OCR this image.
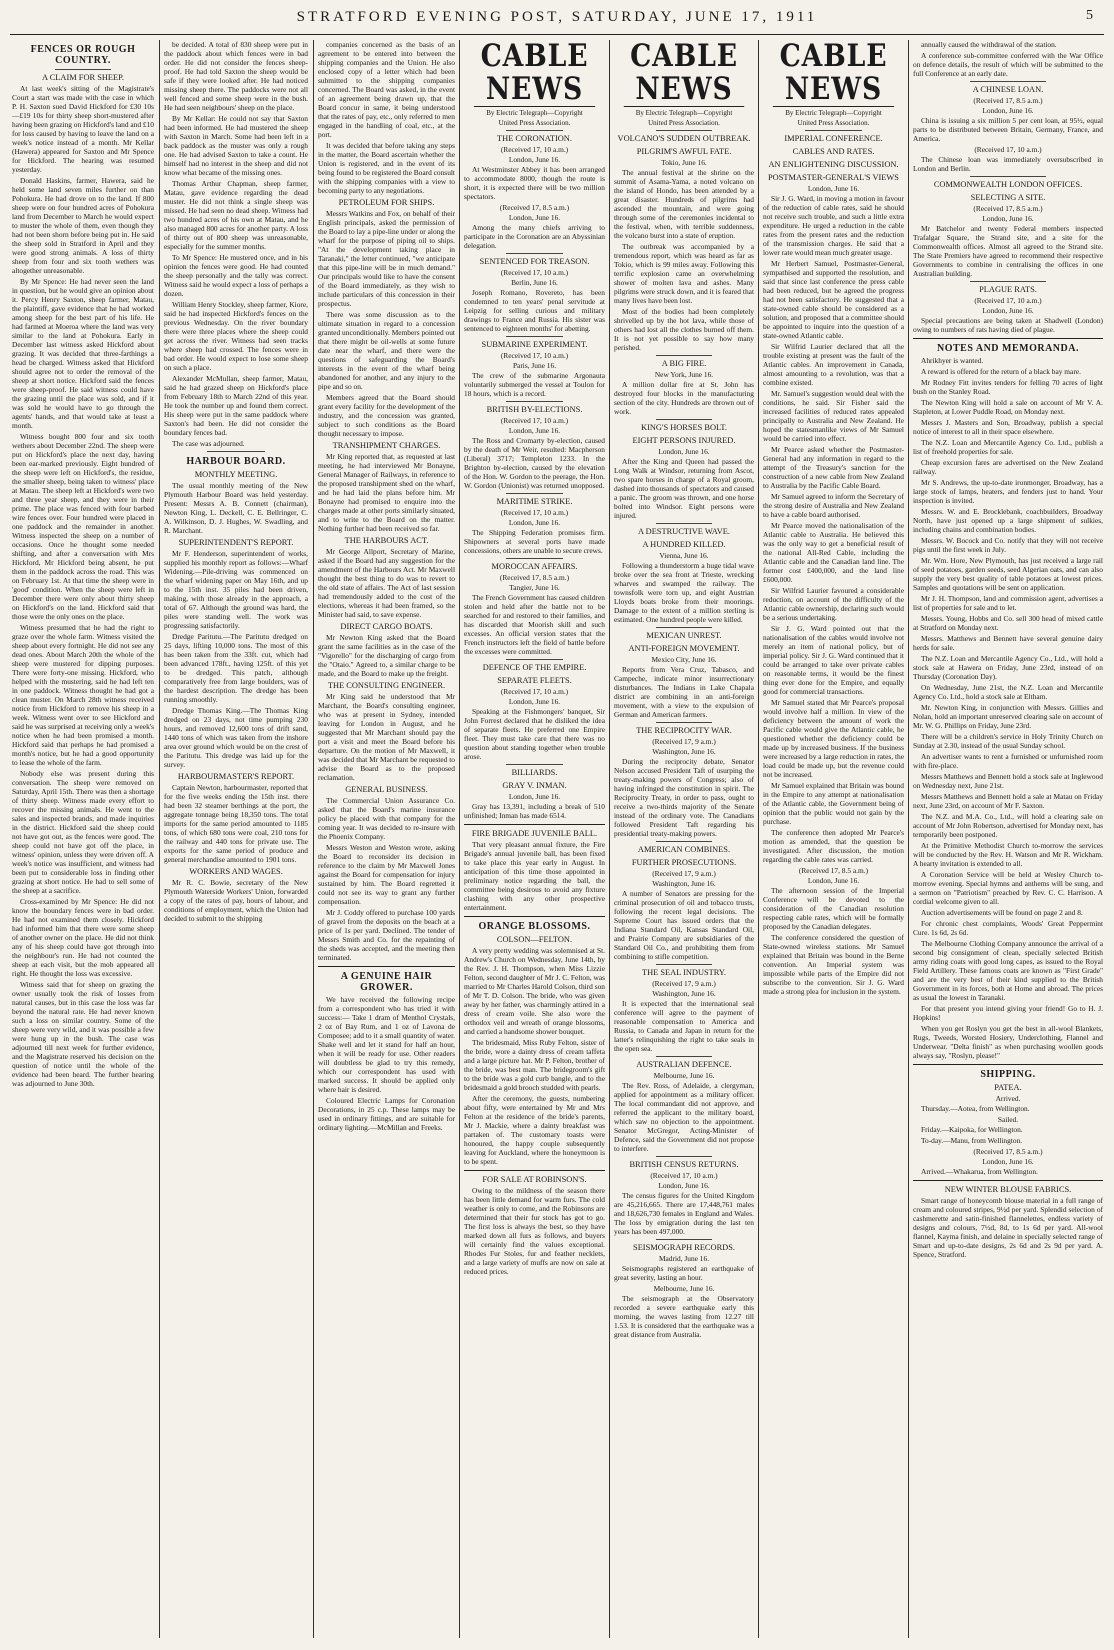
STRATFORD EVENING POST, SATURDAY, JUNE 17, 1911	5
FENCES OR ROUGH COUNTRY.
A CLAIM FOR SHEEP.

At last week's sitting of the Magistrate's Court a start was made with the case in which P. H. Saxton sued David Hickford for £30 10s—£19 10s for thirty sheep short-mustered after having been grazing on Hickford's land and £10 for loss caused by having to leave the land on a week's notice instead of a month. Mr Kellar (Hawera) appeared for Saxton and Mr Spence for Hickford. The hearing was resumed yesterday.

Donald Haskins, farmer, Hawera, said he held some land seven miles further on than Pohokura. He had drove on to the land. If 800 sheep were on four hundred acres of Pohokura land from December to March he would expect to muster the whole of them, even though they had not been shorn before being put in. He said the sheep sold in Stratford in April and they were good strong animals. A loss of thirty sheep from four and six tooth wethers was altogether unreasonable.

By Mr Spence: He had never seen the land in question, but he would give an opinion about it. Percy Henry Saxton, sheep farmer, Matau, the plaintiff, gave evidence that he had worked among sheep for the best part of his life. He had farmed at Moeroa where the land was very similar to the land at Pohokura. Early in December last witness asked Hickford about grazing. It was decided that three-farthings a head be charged. Witness asked that Hickford should agree not to order the removal of the sheep at short notice. Hickford said the fences were sheep-proof. He said witness could have the grazing until the place was sold, and if it was sold he would have to go through the agents' hands, and that would take at least a month.

Witness bought 800 four and six tooth wethers about December 22nd. The sheep were put on Hickford's place the next day, having been ear-marked previously. Eight hundred of the sheep were left on Hickford's, the residue, the smaller sheep, being taken to witness' place at Matau. The sheep left at Hickford's were two and three year sheep, and they were in their prime. The place was fenced with four barbed wire fences over. Four hundred were placed in one paddock and the remainder in another. Witness inspected the sheep on a number of occasions. Once he thought some needed shifting, and after a conversation with Mrs Hickford, Mr Hickford being absent, he put them in the paddock across the road. This was on February 1st. At that time the sheep were in 'good' condition. When the sheep were left in December there were only about thirty sheep on Hickford's on the land. Hickford said that those were the only ones on the place.

Witness presumed that he had the right to graze over the whole farm. Witness visited the sheep about every fortnight. He did not see any dead ones. About March 20th the whole of the sheep were mustered for dipping purposes. There were forty-one missing. Hickford, who helped with the mustering, said he had left ten in one paddock. Witness thought he had got a clean muster. On March 28th witness received notice from Hickford to remove his sheep in a week. Witness went over to see Hickford and said he was surprised at receiving only a week's notice when he had been promised a month. Hickford said that perhaps he had promised a month's notice, but he had a good opportunity to lease the whole of the farm.

Nobody else was present during this conversation. The sheep were removed on Saturday, April 15th. There was then a shortage of thirty sheep. Witness made every effort to recover the missing animals. He went to the sales and inspected brands, and made inquiries in the district. Hickford said the sheep could not have got out, as the fences were good. The sheep could not have got off the place, in witness' opinion, unless they were driven off. A week's notice was insufficient, and witness had been put to considerable loss in finding other grazing at short notice. He had to sell some of the sheep at a sacrifice.

Cross-examined by Mr Spence: He did not know the boundary fences were in bad order. He had not examined them closely. Hickford had informed him that there were some sheep of another owner on the place. He did not think any of his sheep could have got through into the neighbour's run. He had not counted the sheep at each visit, but the mob appeared all right. He thought the loss was excessive.

Witness said that for sheep on grazing the owner usually took the risk of losses from natural causes, but in this case the loss was far beyond the natural rate. He had never known such a loss on similar country. Some of the sheep were very wild, and it was possible a few were hung up in the bush. The case was adjourned till next week for further evidence, and the Magistrate reserved his decision on the question of notice until the whole of the evidence had been heard. The further hearing was adjourned to June 30th.

be decided. A total of 830 sheep were put in the paddock about which fences were in bad order. He did not consider the fences sheep-proof. He had told Saxton the sheep would be safe if they were looked after. He had noticed missing sheep there. The paddocks were not all well fenced and some sheep were in the bush. He had seen neighbours' sheep on the place.

By Mr Kellar: He could not say that Saxton had been informed. He had mustered the sheep with Saxton in March. Some had been left in a back paddock as the muster was only a rough one. He had advised Saxton to take a count. He himself had no interest in the sheep and did not know what became of the missing ones.

Thomas Arthur Chapman, sheep farmer, Matau, gave evidence regarding the dead muster. He did not think a single sheep was missed. He had seen no dead sheep. Witness had two hundred acres of his own at Matau, and he also managed 800 acres for another party. A loss of thirty out of 800 sheep was unreasonable, especially for the summer months.

To Mr Spence: He mustered once, and in his opinion the fences were good. He had counted the sheep personally and the tally was correct. Witness said he would expect a loss of perhaps a dozen.

William Henry Stockley, sheep farmer, Kiore, said he had inspected Hickford's fences on the previous Wednesday. On the river boundary there were three places where the sheep could get across the river. Witness had seen tracks where sheep had crossed. The fences were in bad order. He would expect to lose some sheep on such a place.

Alexander McMullan, sheep farmer, Matau, said he had grazed sheep on Hickford's place from February 18th to March 22nd of this year. He took the number up and found them correct. His sheep were put in the same paddock where Saxton's had been. He did not consider the boundary fences bad.

The case was adjourned.

HARBOUR BOARD.
MONTHLY MEETING.

The usual monthly meeting of the New Plymouth Harbour Board was held yesterday. Present: Messrs A. B. Connett (chairman), Newton King, L. Deckell, C. E. Bellringer, C. A. Wilkinson, D. J. Hughes, W. Swadling, and R. Marchant.

SUPERINTENDENT'S REPORT.

Mr F. Henderson, superintendent of works, supplied his monthly report as follows:—Wharf Widening.—Pile-driving was commenced on the wharf widening paper on May 16th, and up to the 15th inst. 35 piles had been driven, making, with those already in the approach, a total of 67. Although the ground was hard, the piles were standing well. The work was progressing satisfactorily.

Dredge Paritutu.—The Paritutu dredged on 25 days, lifting 10,000 tons. The most of this has been taken from the 33ft. cut, which had been advanced 178ft., having 125ft. of this yet to be dredged. This patch, although comparatively free from large boulders, was of the hardest description. The dredge has been running smoothly.

Dredge Thomas King.—The Thomas King dredged on 23 days, not time pumping 230 hours, and removed 12,600 tons of drift sand, 1440 tons of which was taken from the inshore area over ground which would be on the crest of the Paritutu. This dredge was laid up for the survey.

HARBOURMASTER'S REPORT.

Captain Newton, harbourmaster, reported that for the five weeks ending the 15th inst. there had been 32 steamer berthings at the port, the aggregate tonnage being 18,350 tons. The total imports for the same period amounted to 1185 tons, of which 680 tons were coal, 210 tons for the railway and 440 tons for private use. The exports for the same period of produce and general merchandise amounted to 1901 tons.

WORKERS AND WAGES.

Mr R. C. Bowie, secretary of the New Plymouth Waterside Workers' Union, forwarded a copy of the rates of pay, hours of labour, and conditions of employment, which the Union had decided to submit to the shipping

companies concerned as the basis of an agreement to be entered into between the shipping companies and the Union. He also enclosed copy of a letter which had been submitted to the shipping companies concerned. The Board was asked, in the event of an agreement being drawn up, that the Board concur in same, it being understood that the rates of pay, etc., only referred to men engaged in the handling of coal, etc., at the port.

It was decided that before taking any steps in the matter, the Board ascertain whether the Union is registered, and in the event of its being found to be registered the Board consult with the shipping companies with a view to becoming party to any negotiations.

PETROLEUM FOR SHIPS.

Messrs Watkins and Fox, on behalf of their English principals, asked the permission of the Board to lay a pipe-line under or along the wharf for the purpose of piping oil to ships. "At the development taking place in Taranaki," the letter continued, "we anticipate that this pipe-line will be in much demand." Our principals would like to have the consent of the Board immediately, as they wish to include particulars of this concession in their prospectus.

There was some discussion as to the ultimate situation in regard to a concession granted unconditionally. Members pointed out that there might be oil-wells at some future date near the wharf, and there were the questions of safeguarding the Board's interests in the event of the wharf being abandoned for another, and any injury to the pipe and so on.

Members agreed that the Board should grant every facility for the development of the industry, and the concession was granted, subject to such conditions as the Board thought necessary to impose.

TRANSHIPMENT CHARGES.

Mr King reported that, as requested at last meeting, he had interviewed Mr Bonayne, General Manager of Railways, in reference to the proposed transhipment shed on the wharf, and he had laid the plans before him. Mr Bonayne had promised to enquire into the charges made at other ports similarly situated, and to write to the Board on the matter. Nothing further had been received so far.

THE HARBOURS ACT.

Mr George Allport, Secretary of Marine, asked if the Board had any suggestion for the amendment of the Harbours Act. Mr Maxwell thought the best thing to do was to revert to the old state of affairs. The Act of last session had tremendously added to the cost of the elections, whereas it had been framed, so the Minister had said, to save expense.

DIRECT CARGO BOATS.

Mr Newton King asked that the Board grant the same facilities as in the case of the "Vigorello" for the discharging of cargo from the "Otaio." Agreed to, a similar charge to be made, and the Board to make up the freight.

THE CONSULTING ENGINEER.

Mr King said he understood that Mr Marchant, the Board's consulting engineer, who was at present in Sydney, intended leaving for London in August, and he suggested that Mr Marchant should pay the port a visit and meet the Board before his departure. On the motion of Mr Maxwell, it was decided that Mr Marchant be requested to advise the Board as to the proposed reclamation.

GENERAL BUSINESS.

The Commercial Union Assurance Co. asked that the Board's marine insurance policy be placed with that company for the coming year. It was decided to re-insure with the Phoenix Company.

Messrs Weston and Weston wrote, asking the Board to reconsider its decision in reference to the claim by Mr Maxwell Jones against the Board for compensation for injury sustained by him. The Board regretted it could not see its way to grant any further compensation.

Mr J. Coddy offered to purchase 100 yards of gravel from the deposits on the beach at a price of 1s per yard. Declined. The tender of Messrs Smith and Co. for the repainting of the sheds was accepted, and the meeting then terminated.

A GENUINE HAIR GROWER.

We have received the following recipe from a correspondent who has tried it with success:— Take 1 dram of Menthol Crystals, 2 oz of Bay Rum, and 1 oz of Lavona de Composee; add to it a small quantity of water. Shake well and let it stand for half an hour, when it will be ready for use. Other readers will doubtless be glad to try this remedy, which our correspondent has used with marked success. It should be applied only where hair is desired.

Coloured Electric Lamps for Coronation Decorations, in 25 c.p. These lamps may be used in ordinary fittings, and are suitable for ordinary lighting.—McMillan and Freeks.

CABLE NEWS
By Electric Telegraph—Copyright
United Press Association.
THE CORONATION.
(Received 17, 10 a.m.)
London, June 16.

At Westminster Abbey it has been arranged to accommodate 8000, though the route is short, it is expected there will be two million spectators.

(Received 17, 8.5 a.m.)
London, June 16.

Among the many chiefs arriving to participate in the Coronation are an Abyssinian delegation.

SENTENCED FOR TREASON.
(Received 17, 10 a.m.)
Berlin, June 16.

Joseph Romano, Rovereto, has been condemned to ten years' penal servitude at Leipzig for selling curious and military drawings to France and Russia. His sister was sentenced to eighteen months' for abetting.

SUBMARINE EXPERIMENT.
(Received 17, 10 a.m.)
Paris, June 16.

The crew of the submarine Argonauta voluntarily submerged the vessel at Toulon for 18 hours, which is a record.

BRITISH BY-ELECTIONS.
(Received 17, 10 a.m.)
London, June 16.

The Ross and Cromarty by-election, caused by the death of Mr Weir, resulted: Macpherson (Liberal) 3717; Templeton 1233. In the Brighton by-election, caused by the elevation of the Hon. W. Gordon to the peerage, the Hon. W. Gordon (Unionist) was returned unopposed.

MARITIME STRIKE.
(Received 17, 10 a.m.)
London, June 16.

The Shipping Federation promises firm. Shipowners at several ports have made concessions, others are unable to secure crews.

MOROCCAN AFFAIRS.
(Received 17, 8.5 a.m.)
Tangier, June 16.

The French Government has caused children stolen and held after the battle not to be searched for and restored to their families, and has discarded that Moorish skill and such excesses. An official version states that the French instructors left the field of battle before the excesses were committed.

DEFENCE OF THE EMPIRE.
SEPARATE FLEETS.
(Received 17, 10 a.m.)
London, June 16.

Speaking at the Fishmongers' banquet, Sir John Forrest declared that he disliked the idea of separate fleets. He preferred one Empire fleet. They must take care that there was no question about standing together when trouble arose.

BILLIARDS.
GRAY V. INMAN.
London, June 16.

Gray has 13,391, including a break of 510 unfinished; Inman has made 6514.

FIRE BRIGADE JUVENILE BALL.

That very pleasant annual fixture, the Fire Brigade's annual juvenile ball, has been fixed to take place this year early in August. In anticipation of this time those appointed in preliminary notice regarding the ball, the committee being desirous to avoid any fixture clashing with any other prospective entertainment.

ORANGE BLOSSOMS.
COLSON—FELTON.

A very pretty wedding was solemnised at St. Andrew's Church on Wednesday, June 14th, by the Rev. J. H. Thompson, when Miss Lizzie Felton, second daughter of Mr J. C. Felton, was married to Mr Charles Harold Colson, third son of Mr T. D. Colson. The bride, who was given away by her father, was charmingly attired in a dress of cream voile. She also wore the orthodox veil and wreath of orange blossoms, and carried a handsome shower bouquet.

The bridesmaid, Miss Ruby Felton, sister of the bride, wore a dainty dress of cream taffeta and a large picture hat. Mr P. Felton, brother of the bride, was best man. The bridegroom's gift to the bride was a gold curb bangle, and to the bridesmaid a gold brooch studded with pearls.

After the ceremony, the guests, numbering about fifty, were entertained by Mr and Mrs Felton at the residence of the bride's parents, Mr J. Mackie, where a dainty breakfast was partaken of. The customary toasts were honoured, the happy couple subsequently leaving for Auckland, where the honeymoon is to be spent.

FOR SALE AT ROBINSON'S.

Owing to the mildness of the season there has been little demand for warm furs. The cold weather is only to come, and the Robinsons are determined that their fur stock has got to go. The first loss is always the best, so they have marked down all furs as follows, and buyers will certainly find the values exceptional. Rhodes Fur Stoles, fur and feather necklets, and a large variety of muffs are now on sale at reduced prices.

CABLE NEWS
By Electric Telegraph—Copyright
United Press Association.
VOLCANO'S SUDDEN OUTBREAK.
PILGRIM'S AWFUL FATE.
Tokio, June 16.

The annual festival at the shrine on the summit of Asama-Yama, a noted volcano on the island of Hondo, has been attended by a great disaster. Hundreds of pilgrims had ascended the mountain, and were going through some of the ceremonies incidental to the festival, when, with terrible suddenness, the volcano burst into a state of eruption.

The outbreak was accompanied by a tremendous report, which was heard as far as Tokio, which is 99 miles away. Following this terrific explosion came an overwhelming shower of molten lava and ashes. Many pilgrims were struck down, and it is feared that many lives have been lost.

Most of the bodies had been completely shrivelled up by the hot lava, while those of others had lost all the clothes burned off them. It is not yet possible to say how many perished.

A BIG FIRE.
New York, June 16.

A million dollar fire at St. John has destroyed four blocks in the manufacturing section of the city. Hundreds are thrown out of work.

KING'S HORSES BOLT.
EIGHT PERSONS INJURED.
London, June 16.

After the King and Queen had passed the Long Walk at Windsor, returning from Ascot, two spare horses in charge of a Royal groom, dashed into thousands of spectators and caused a panic. The groom was thrown, and one horse bolted into Windsor. Eight persons were injured.

A DESTRUCTIVE WAVE.
A HUNDRED KILLED.
Vienna, June 16.

Following a thunderstorm a huge tidal wave broke over the sea front at Trieste, wrecking wharves and swamped the railway. The townsfolk were torn up, and eight Austrian Lloyds boats broke from their moorings. Damage to the extent of a million sterling is estimated. One hundred people were killed.

MEXICAN UNREST.
ANTI-FOREIGN MOVEMENT.
Mexico City, June 16.

Reports from Vera Cruz, Tabasco, and Campeche, indicate minor insurrectionary disturbances. The Indians in Lake Chapala district are combining in an anti-foreign movement, with a view to the expulsion of German and American farmers.

THE RECIPROCITY WAR.
(Received 17, 9 a.m.)
Washington, June 16.

During the reciprocity debate, Senator Nelson accused President Taft of usurping the treaty-making powers of Congress; also of having infringed the constitution in spirit. The Reciprocity Treaty, in order to pass, ought to receive a two-thirds majority of the Senate instead of the ordinary vote. The Canadians followed President Taft regarding his presidential treaty-making powers.

AMERICAN COMBINES.
FURTHER PROSECUTIONS.
(Received 17, 9 a.m.)
Washington, June 16.

A number of Senators are pressing for the criminal prosecution of oil and tobacco trusts, following the recent legal decisions. The Supreme Court has issued orders that the Indiana Standard Oil, Kansas Standard Oil, and Prairie Company are subsidiaries of the Standard Oil Co., and prohibiting them from combining to stifle competition.

THE SEAL INDUSTRY.
(Received 17, 9 a.m.)
Washington, June 16.

It is expected that the international seal conference will agree to the payment of reasonable compensation to America and Russia, to Canada and Japan in return for the latter's relinquishing the right to take seals in the open sea.

AUSTRALIAN DEFENCE.
Melbourne, June 16.

The Rev. Ross, of Adelaide, a clergyman, applied for appointment as a military officer. The local commandant did not approve, and referred the applicant to the military board, which saw no objection to the appointment. Senator McGregor, Acting-Minister of Defence, said the Government did not propose to interfere.

BRITISH CENSUS RETURNS.
(Received 17, 10 a.m.)
London, June 16.

The census figures for the United Kingdom are 45,216,665. There are 17,448,761 males and 18,626,730 females in England and Wales. The loss by emigration during the last ten years has been 497,000.

SEISMOGRAPH RECORDS.
Madrid, June 16.

Seismographs registered an earthquake of great severity, lasting an hour.

Melbourne, June 16.

The seismograph at the Observatory recorded a severe earthquake early this morning, the waves lasting from 12.27 till 1.53. It is considered that the earthquake was a great distance from Australia.

CABLE NEWS
By Electric Telegraph—Copyright
United Press Association.
IMPERIAL CONFERENCE.
CABLES AND RATES.
AN ENLIGHTENING DISCUSSION.
POSTMASTER-GENERAL'S VIEWS
London, June 16.

Sir J. G. Ward, in moving a motion in favour of the reduction of cable rates, said he should not receive such trouble, and such a little extra expenditure. He urged a reduction in the cable rates from the present rates and the reduction of the transmission charges. He said that a lower rate would mean much greater usage.

Mr Herbert Samuel, Postmaster-General, sympathised and supported the resolution, and said that since last conference the press cable had been reduced, but he agreed the progress had not been satisfactory. He suggested that a state-owned cable should be considered as a solution, and proposed that a committee should be appointed to inquire into the question of a state-owned Atlantic cable.

Sir Wilfrid Laurier declared that all the trouble existing at present was the fault of the Atlantic cables. An improvement in Canada, almost amounting to a revolution, was that a combine existed.

Mr. Samuel's suggestion would deal with the conditions, he said. Sir Fisher said the increased facilities of reduced rates appealed principally to Australia and New Zealand. He hoped the statesmanlike views of Mr Samuel would be carried into effect.

Mr Pearce asked whether the Postmaster-General had any information in regard to the attempt of the Treasury's sanction for the construction of a new cable from New Zealand to Australia by the Pacific Cable Board.

Mr Samuel agreed to inform the Secretary of the strong desire of Australia and New Zealand to have a cable board authorised.

Mr Pearce moved the nationalisation of the Atlantic cable to Australia. He believed this was the only way to get a beneficial result of the national All-Red Cable, including the Atlantic cable and the Canadian land line. The former cost £400,000, and the land line £600,000.

Sir Wilfrid Laurier favoured a considerable reduction, on account of the difficulty of the Atlantic cable ownership, declaring such would be a serious undertaking.

Sir J. G. Ward pointed out that the nationalisation of the cables would involve not merely an item of national policy, but of imperial policy. Sir J. G. Ward continued that it could be arranged to take over private cables on reasonable terms, it would be the finest thing ever done for the Empire, and equally good for commercial transactions.

Mr Samuel stated that Mr Pearce's proposal would involve half a million. In view of the deficiency between the amount of work the Pacific cable would give the Atlantic cable, he questioned whether the deficiency could be made up by increased business. If the business were increased by a large reduction in rates, the load could be made up, but the revenue could not be increased.

Mr Samuel explained that Britain was bound in the Empire to any attempt at nationalisation of the Atlantic cable, the Government being of opinion that the public would not gain by the purchase.

The conference then adopted Mr Pearce's motion as amended, that the question be investigated. After discussion, the motion regarding the cable rates was carried.

(Received 17, 8.5 a.m.)
London, June 16.

The afternoon session of the Imperial Conference will be devoted to the consideration of the Canadian resolution respecting cable rates, which will be formally proposed by the Canadian delegates.

The conference considered the question of State-owned wireless stations. Mr Samuel explained that Britain was bound in the Berne convention. An Imperial system was impossible while parts of the Empire did not subscribe to the convention. Sir J. G. Ward made a strong plea for inclusion in the system.

annually caused the withdrawal of the station.

A conference sub-committee conferred with the War Office on defence details, the result of which will be submitted to the full Conference at an early date.

A CHINESE LOAN.
(Received 17, 8.5 a.m.)
London, June 16.

China is issuing a six million 5 per cent loan, at 95½, equal parts to be distributed between Britain, Germany, France, and America.

(Received 17, 10 a.m.)

The Chinese loan was immediately oversubscribed in London and Berlin.

COMMONWEALTH LONDON OFFICES.
SELECTING A SITE.
(Received 17, 8.5 a.m.)
London, June 16.

Mr Batchelor and twenty Federal members inspected Trafalgar Square, the Strand site, and a site for the Commonwealth offices. Almost all agreed to the Strand site. The State Premiers have agreed to recommend their respective Governments to combine in centralising the offices in one Australian building.

PLAGUE RATS.
(Received 17, 10 a.m.)
London, June 16.

Special precautions are being taken at Shadwell (London) owing to numbers of rats having died of plague.

NOTES AND MEMORANDA.

Ahrikhyer is wanted.

A reward is offered for the return of a black bay mare.

Mr Rodney Fitt invites tenders for felling 70 acres of light bush on the Stanley Road.

The Newton King will hold a sale on account of Mr V. A. Stapleton, at Lower Puddle Road, on Monday next.

Messrs J. Masters and Son, Broadway, publish a special notice of interest to all in their space elsewhere.

The N.Z. Loan and Mercantile Agency Co. Ltd., publish a list of freehold properties for sale.

Cheap excursion fares are advertised on the New Zealand railway.

Mr S. Andrews, the up-to-date ironmonger, Broadway, has a large stock of lamps, heaters, and fenders just to hand. Your inspection is invited.

Messrs. W. and E. Brocklebank, coachbuilders, Broadway North, have just opened up a large shipment of sulkies, including chains and combination bodies.

Messrs. W. Bocock and Co. notify that they will not receive pigs until the first week in July.

Mr. Wm. Hore, New Plymouth, has just received a large rail of seed potatoes, garden seeds, seed Algerian oats, and can also supply the very best quality of table potatoes at lowest prices. Samples and quotations will be sent on application.

Mr J. H. Thompson, land and commission agent, advertises a list of properties for sale and to let.

Messrs. Young, Hobbs and Co. sell 300 head of mixed cattle at Stratford on Monday next.

Messrs. Matthews and Bennett have several genuine dairy herds for sale.

The N.Z. Loan and Mercantile Agency Co., Ltd., will hold a stock sale at Hawera on Friday, June 23rd, instead of on Thursday (Coronation Day).

On Wednesday, June 21st, the N.Z. Loan and Mercantile Agency Co. Ltd., hold a stock sale at Eltham.

Mr. Newton King, in conjunction with Messrs. Gillies and Nolan, hold an important unreserved clearing sale on account of Mr. W. G. Phillips on Friday, June 23rd.

There will be a children's service in Holy Trinity Church on Sunday at 2.30, instead of the usual Sunday school.

An advertiser wants to rent a furnished or unfurnished room with fire-place.

Messrs Matthews and Bennett hold a stock sale at Inglewood on Wednesday next, June 21st.

Messrs Matthews and Bennett hold a sale at Matau on Friday next, June 23rd, on account of Mr F. Saxton.

The N.Z. and M.A. Co., Ltd., will hold a clearing sale on account of Mr John Robertson, advertised for Monday next, has temporarily been postponed.

At the Primitive Methodist Church to-morrow the services will be conducted by the Rev. H. Watson and Mr R. Wickham. A hearty invitation is extended to all.

A Coronation Service will be held at Wesley Church to-morrow evening. Special hymns and anthems will be sung, and a sermon on "Patriotism" preached by Rev. C. C. Harrison. A cordial welcome given to all.

Auction advertisements will be found on page 2 and 8.

For chronic chest complaints, Woods' Great Peppermint Cure. 1s 6d, 2s 6d.

The Melbourne Clothing Company announce the arrival of a second big consignment of clean, specially selected British army riding coats with good long capes, as issued to the Royal Field Artillery. These famous coats are known as "First Grade" and are the very best of their kind supplied to the British Government in its forces, both at Home and abroad. The prices as usual the lowest in Taranaki.

For that present you intend giving your friend! Go to H. J. Hopkins!

When you get Roslyn you get the best in all-wool Blankets, Rugs, Tweeds, Worsted Hosiery, Underclothing, Flannel and Underwear. "Delta finish" as when purchasing woollen goods always say, "Roslyn, please!"

SHIPPING.
PATEA.
Arrived.

Thursday.—Aotea, from Wellington.

Sailed.

Friday.—Kaipoka, for Wellington.

To-day.—Manu, from Wellington.

(Received 17, 8.5 a.m.)
London, June 16.

Arrived.—Whakarua, from Wellington.

NEW WINTER BLOUSE FABRICS.

Smart range of honeycomb blouse material in a full range of cream and coloured stripes, 9½d per yard. Splendid selection of cashmerette and satin-finished flannelettes, endless variety of designs and colours, 7½d, 8d, to 1s 6d per yard. All-wool flannel, Kayma finish, and delaine in specially selected range of Smart and up-to-date designs, 2s 6d and 2s 9d per yard. A. Spence, Stratford.
